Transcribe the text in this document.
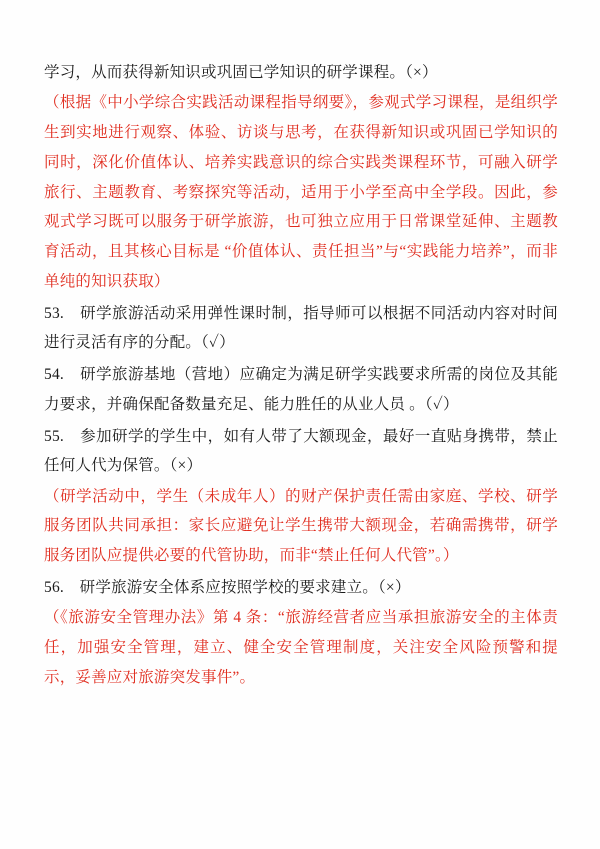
学习，从而获得新知识或巩固已学知识的研学课程。（×）

（根据《中小学综合实践活动课程指导纲要》，参观式学习课程，是组织学生到实地进行观察、体验、访谈与思考，在获得新知识或巩固已学知识的同时，深化价值体认、培养实践意识的综合实践类课程环节，可融入研学旅行、主题教育、考察探究等活动，适用于小学至高中全学段。因此，参观式学习既可以服务于研学旅游，也可独立应用于日常课堂延伸、主题教育活动，且其核心目标是 “价值体认、责任担当”与“实践能力培养”，而非单纯的知识获取）

53.　研学旅游活动采用弹性课时制，指导师可以根据不同活动内容对时间进行灵活有序的分配。（✓）

54.　研学旅游基地（营地）应确定为满足研学实践要求所需的岗位及其能力要求，并确保配备数量充足、能力胜任的从业人员 。（✓）

55.　参加研学的学生中，如有人带了大额现金，最好一直贴身携带，禁止任何人代为保管。（×）

（研学活动中，学生（未成年人）的财产保护责任需由家庭、学校、研学服务团队共同承担：家长应避免让学生携带大额现金，若确需携带，研学服务团队应提供必要的代管协助，而非“禁止任何人代管”。）

56.　研学旅游安全体系应按照学校的要求建立。（×）

（《旅游安全管理办法》第 4 条：“旅游经营者应当承担旅游安全的主体责任，加强安全管理，建立、健全安全管理制度，关注安全风险预警和提示，妥善应对旅游突发事件”。
